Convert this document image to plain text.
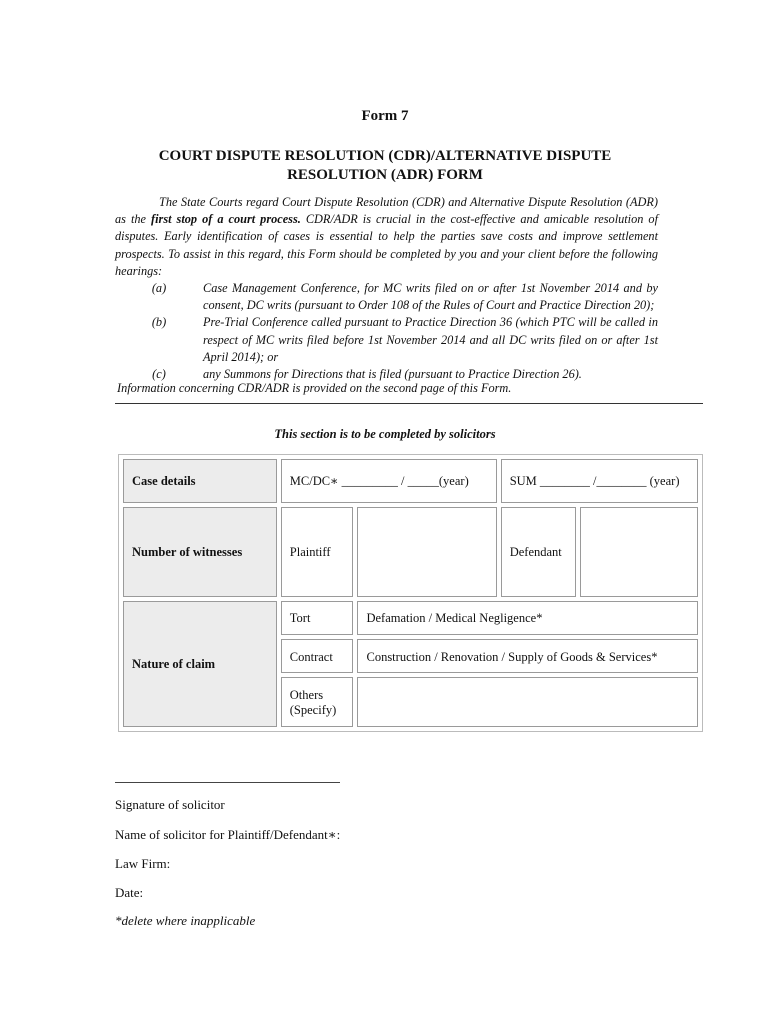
Form 7
COURT DISPUTE RESOLUTION (CDR)/ALTERNATIVE DISPUTE
RESOLUTION (ADR) FORM

The State Courts regard Court Dispute Resolution (CDR) and Alternative Dispute Resolution (ADR) as the first stop of a court process. CDR/ADR is crucial in the cost-effective and amicable resolution of disputes. Early identification of cases is essential to help the parties save costs and improve settlement prospects. To assist in this regard, this Form should be completed by you and your client before the following hearings:

(a)	Case Management Conference, for MC writs filed on or after 1st November 2014 and by consent, DC writs (pursuant to Order 108 of the Rules of Court and Practice Direction 20);
(b)	Pre-Trial Conference called pursuant to Practice Direction 36 (which PTC will be called in respect of MC writs filed before 1st November 2014 and all DC writs filed on or after 1st April 2014); or
(c)	any Summons for Directions that is filed (pursuant to Practice Direction 26).
Information concerning CDR/ADR is provided on the second page of this Form.
This section is to be completed by solicitors
Case details	MC/DC∗ _________ / _____(year)		SUM ________ /________ (year)	
Number of witnesses	Plaintiff		Defendant	
Nature of claim	Tort	Defamation / Medical Negligence*		
	Contract	Construction / Renovation / Supply of Goods & Services*		

	Others
(Specify)			

Signature of solicitor
Name of solicitor for Plaintiff/Defendant∗:
Law Firm:
Date:
*delete where inapplicable
